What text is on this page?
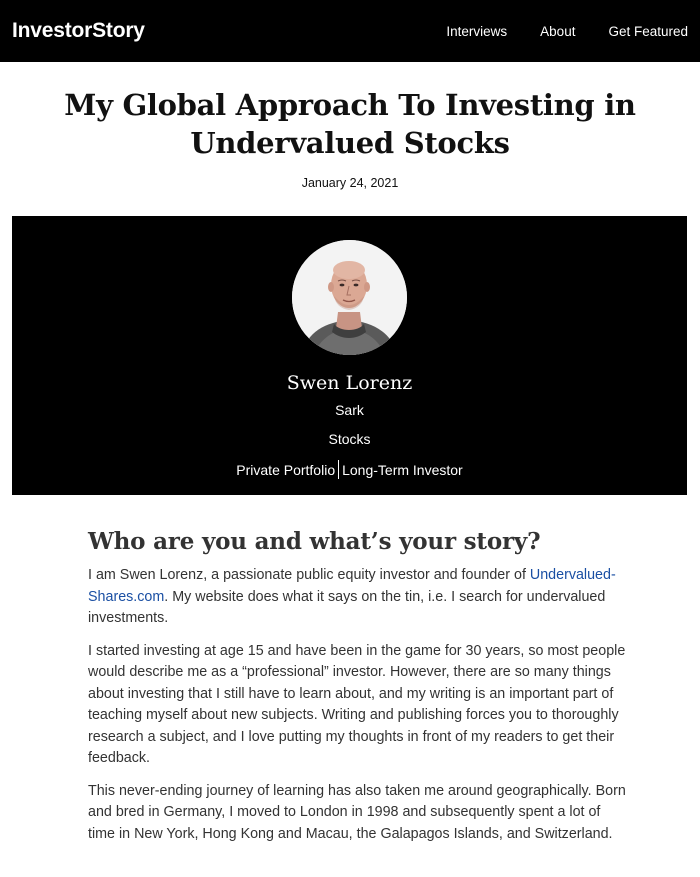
InvestorStory	Interviews About Get Featured
My Global Approach To Investing in Undervalued Stocks
January 24, 2021
Swen Lorenz
Sark
Stocks
Private Portfolio Long-Term Investor
Who are you and what’s your story?

I am Swen Lorenz, a passionate public equity investor and founder of Undervalued-Shares.com. My website does what it says on the tin, i.e. I search for undervalued investments.

I started investing at age 15 and have been in the game for 30 years, so most people would describe me as a “professional” investor. However, there are so many things about investing that I still have to learn about, and my writing is an important part of teaching myself about new subjects. Writing and publishing forces you to thoroughly research a subject, and I love putting my thoughts in front of my readers to get their feedback.

This never-ending journey of learning has also taken me around geographically. Born and bred in Germany, I moved to London in 1998 and subsequently spent a lot of time in New York, Hong Kong and Macau, the Galapagos Islands, and Switzerland.
